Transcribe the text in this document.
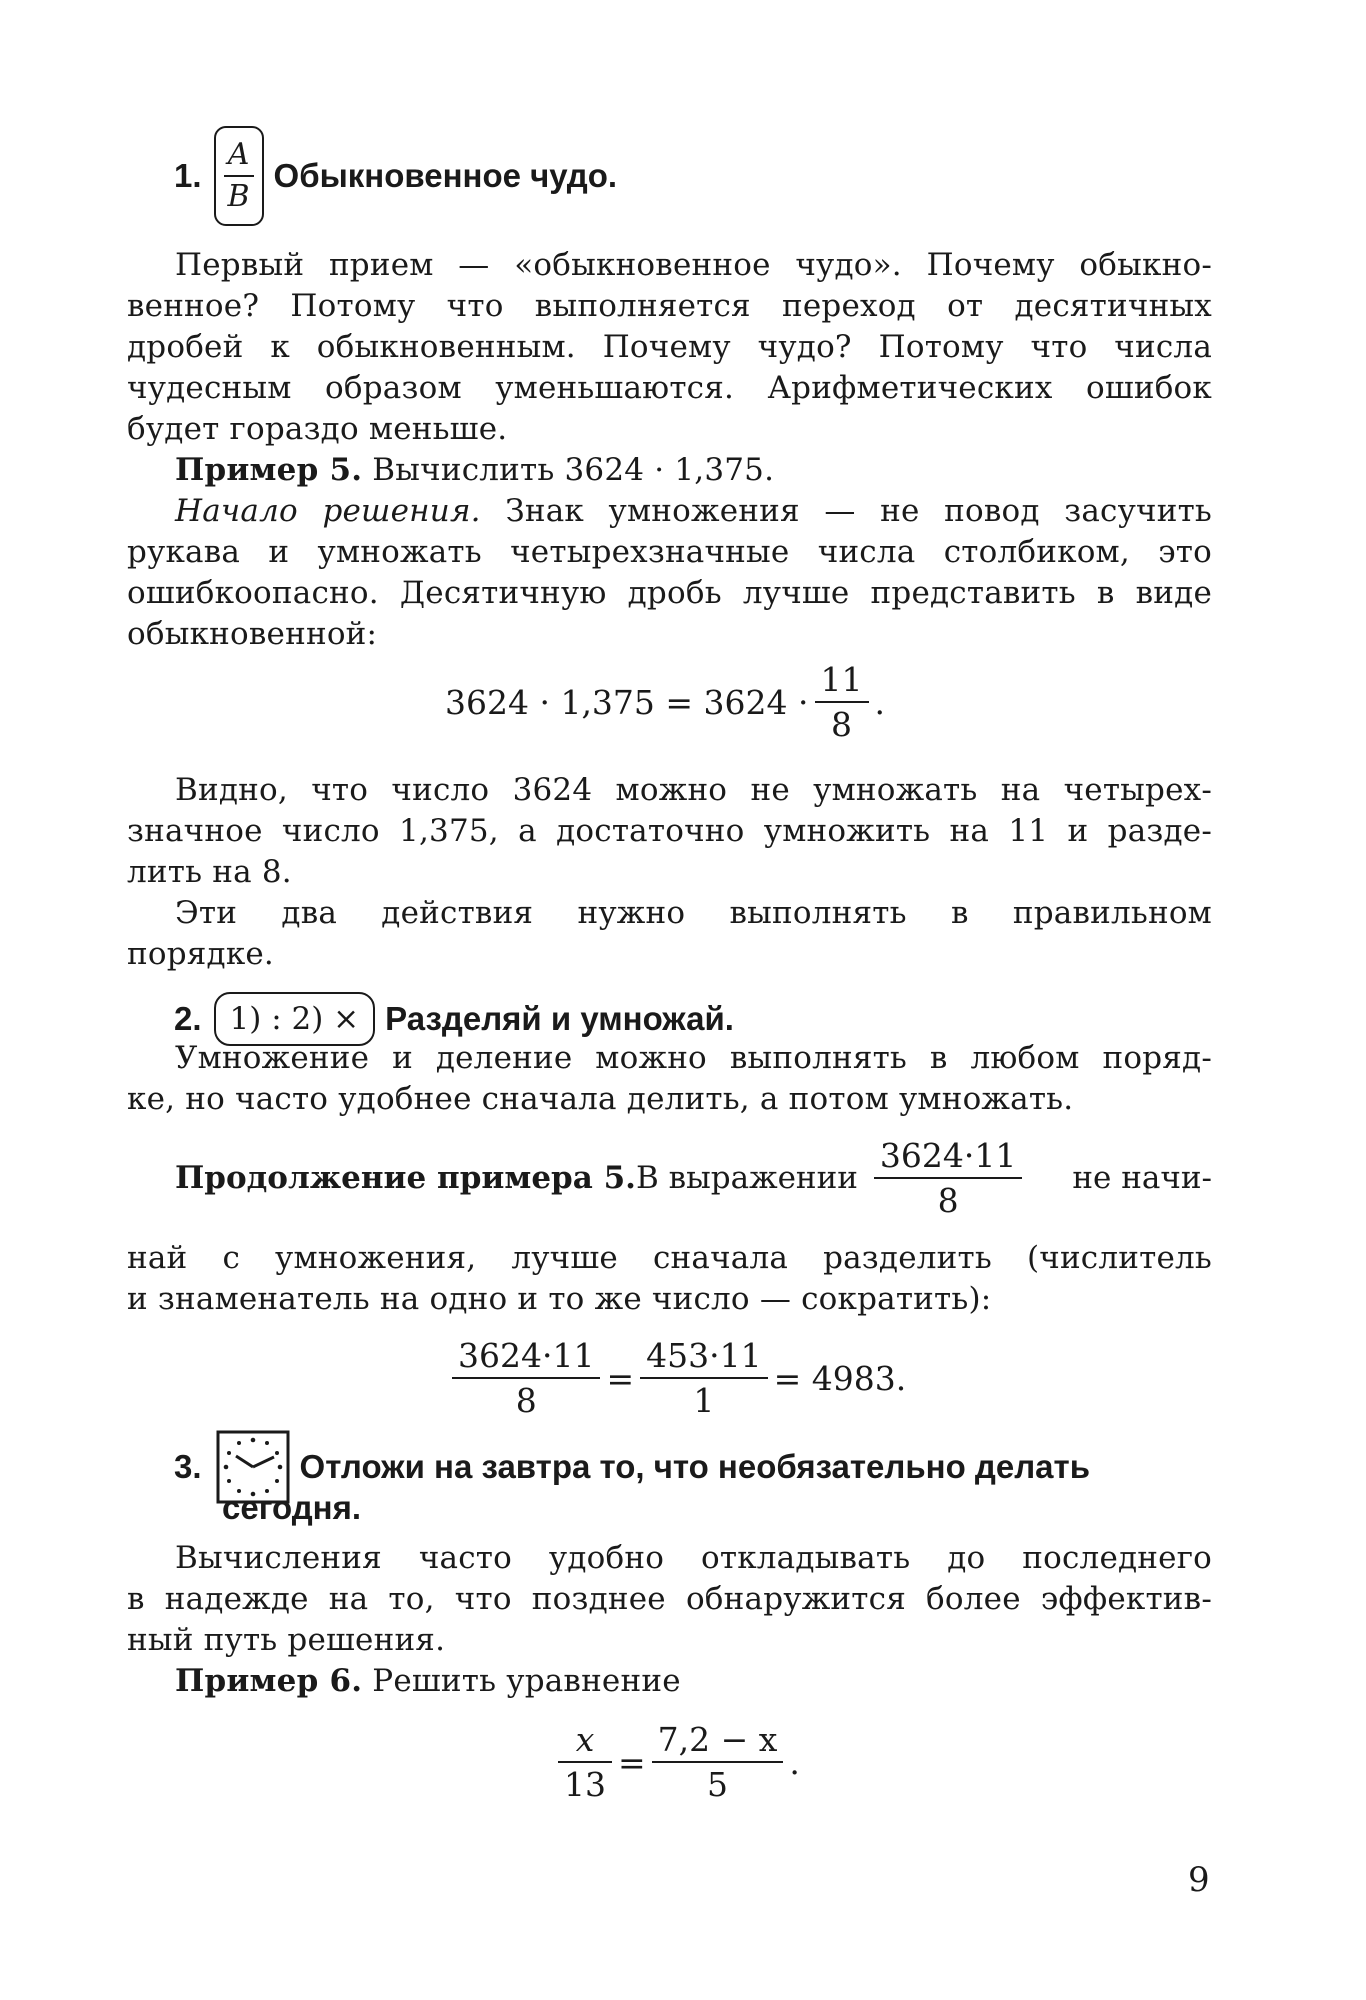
1.
A
B
Обыкновенное чудо.
Первый прием — «обыкновенное чудо». Почему обыкно-
венное? Потому что выполняется переход от десятичных
дробей к обыкновенным. Почему чудо? Потому что числа
чудесным образом уменьшаются. Арифметических ошибок
будет гораздо меньше.
Пример 5. Вычислить 3624 · 1,375.
Начало решения. Знак умножения — не повод засучить
рукава и умножать четырехзначные числа столбиком, это
ошибкоопасно. Десятичную дробь лучше представить в виде
обыкновенной:
$3624 \cdot 1,375 = 3624 \cdot \frac{11}{8}$ .
Видно, что число 3624 можно не умножать на четырех-
значное число 1,375, а достаточно умножить на 11 и разде-
лить на 8.
Эти два действия нужно выполнять в правильном
порядке.
2. 1) : 2) × Разделяй и умножай.
Умножение и деление можно выполнять в любом поряд-
ке, но часто удобнее сначала делить, а потом умножать.
Продолжение примера 5. В выражении $\frac{3624\cdot 11}{8}$ не начи-
най с умножения, лучше сначала разделить (числитель
и знаменатель на одно и то же число — сократить):
$\frac{3624\cdot 11}{8} = \frac{453\cdot 11}{1} = 4983$.
3.	Отложи на завтра то, что необязательно делать
сегодня.
Вычисления часто удобно откладывать до последнего
в надежде на то, что позднее обнаружится более эффектив-
ный путь решения.
Пример 6. Решить уравнение
$\frac{x}{13} = \frac{7,2 - x}{5}$ .
9
